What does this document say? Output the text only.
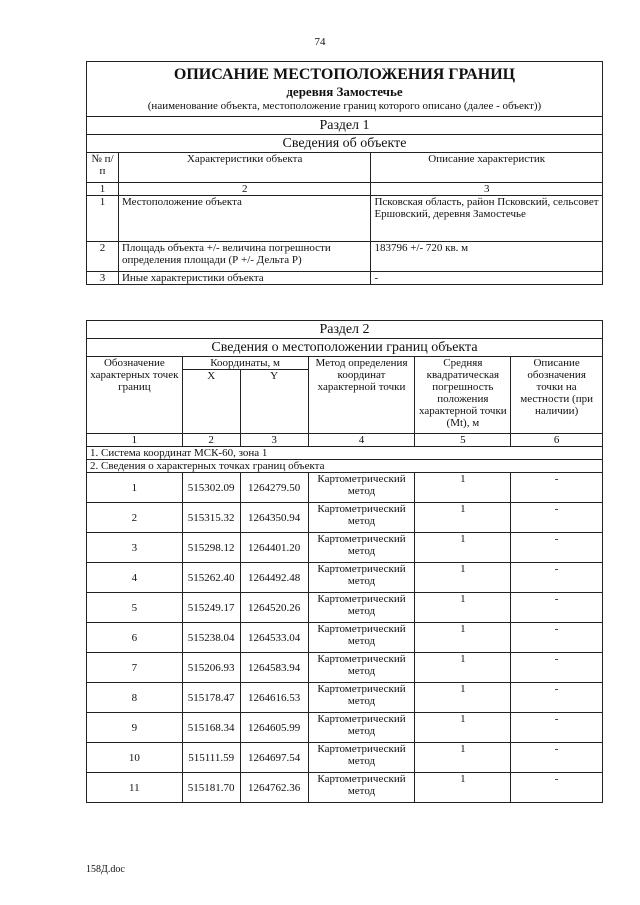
74
ОПИСАНИЕ МЕСТОПОЛОЖЕНИЯ ГРАНИЦ
деревня Замостечье
(наименование объекта, местоположение границ которого описано (далее - объект))		

Раздел 1		
Сведения об объекте		
№ п/п	Характеристики объекта	Описание характеристик
1	2	3
1	Местоположение объекта	Псковская область, район Псковский, сельсовет Ершовский, деревня Замостечье
2	Площадь объекта +/- величина погрешности определения площади (Р +/- Дельта Р)	183796 +/- 720 кв. м
3	Иные характеристики объекта	-
Раздел 2					
Сведения о местоположении границ объекта					
Обозначение характерных точек границ	Координаты, м		Метод определения координат характерной точки	Средняя квадратическая погрешность положения характерной точки (Mt), м	Описание обозначения точки на местности (при наличии)
	X	Y			
1	2	3	4	5	6
1. Система координат МСК-60, зона 1					
2. Сведения о характерных точках границ объекта					
1	515302.09	1264279.50	Картометрический метод	1	-
2	515315.32	1264350.94	Картометрический метод	1	-
3	515298.12	1264401.20	Картометрический метод	1	-
4	515262.40	1264492.48	Картометрический метод	1	-
5	515249.17	1264520.26	Картометрический метод	1	-
6	515238.04	1264533.04	Картометрический метод	1	-
7	515206.93	1264583.94	Картометрический метод	1	-
8	515178.47	1264616.53	Картометрический метод	1	-
9	515168.34	1264605.99	Картометрический метод	1	-
10	515111.59	1264697.54	Картометрический метод	1	-
11	515181.70	1264762.36	Картометрический метод	1	-
158Д.doc
